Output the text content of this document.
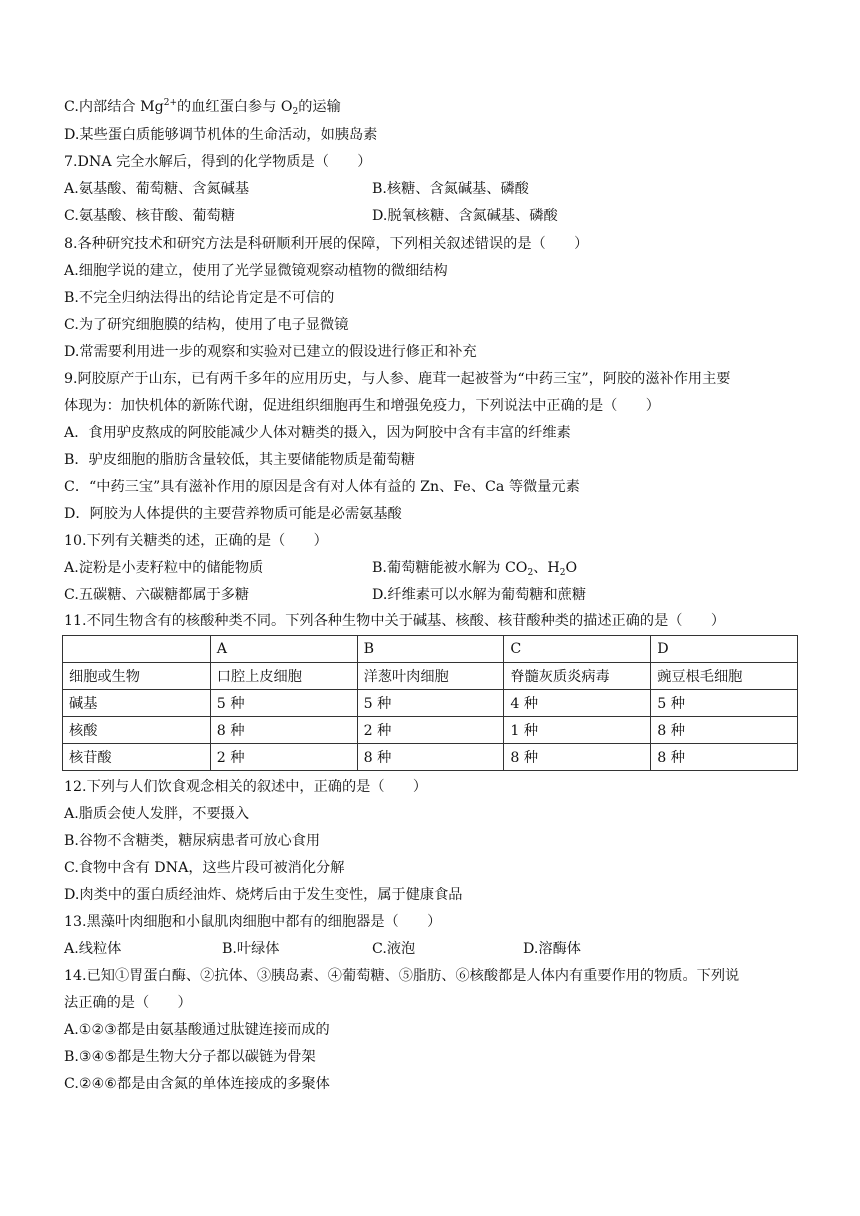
C.内部结合 $Mg^{2+}$的血红蛋白参与 $O_2$的运输
D.某些蛋白质能够调节机体的生命活动，如胰岛素
7.DNA 完全水解后，得到的化学物质是（　　）
A.氨基酸、葡萄糖、含氮碱基	B.核糖、含氮碱基、磷酸
C.氨基酸、核苷酸、葡萄糖	D.脱氧核糖、含氮碱基、磷酸
8.各种研究技术和研究方法是科研顺利开展的保障，下列相关叙述错误的是（　　）
A.细胞学说的建立，使用了光学显微镜观察动植物的微细结构
B.不完全归纳法得出的结论肯定是不可信的
C.为了研究细胞膜的结构，使用了电子显微镜
D.常需要利用进一步的观察和实验对已建立的假设进行修正和补充
9.阿胶原产于山东，已有两千多年的应用历史，与人参、鹿茸一起被誉为“中药三宝”，阿胶的滋补作用主要
体现为：加快机体的新陈代谢，促进组织细胞再生和增强免疫力，下列说法中正确的是（　　）
A．食用驴皮熬成的阿胶能减少人体对糖类的摄入，因为阿胶中含有丰富的纤维素
B．驴皮细胞的脂肪含量较低，其主要储能物质是葡萄糖
C．“中药三宝”具有滋补作用的原因是含有对人体有益的 Zn、Fe、Ca 等微量元素
D．阿胶为人体提供的主要营养物质可能是必需氨基酸
10.下列有关糖类的述，正确的是（　　）
A.淀粉是小麦籽粒中的储能物质	B.葡萄糖能被水解为 $CO_2$、$H_2O$
C.五碳糖、六碳糖都属于多糖	D.纤维素可以水解为葡萄糖和蔗糖
11.不同生物含有的核酸种类不同。下列各种生物中关于碱基、核酸、核苷酸种类的描述正确的是（　　）
	A	B	C	D
细胞或生物	口腔上皮细胞	洋葱叶肉细胞	脊髓灰质炎病毒	豌豆根毛细胞
碱基	5 种	5 种	4 种	5 种
核酸	8 种	2 种	1 种	8 种
核苷酸	2 种	8 种	8 种	8 种
12.下列与人们饮食观念相关的叙述中，正确的是（　　）
A.脂质会使人发胖，不要摄入
B.谷物不含糖类，糖尿病患者可放心食用
C.食物中含有 DNA，这些片段可被消化分解
D.肉类中的蛋白质经油炸、烧烤后由于发生变性，属于健康食品
13.黑藻叶肉细胞和小鼠肌肉细胞中都有的细胞器是（　　）
A.线粒体	B.叶绿体	C.液泡	D.溶酶体
14.已知①胃蛋白酶、②抗体、③胰岛素、④葡萄糖、⑤脂肪、⑥核酸都是人体内有重要作用的物质。下列说
法正确的是（　　）
A.①②③都是由氨基酸通过肽键连接而成的
B.③④⑤都是生物大分子都以碳链为骨架
C.②④⑥都是由含氮的单体连接成的多聚体
